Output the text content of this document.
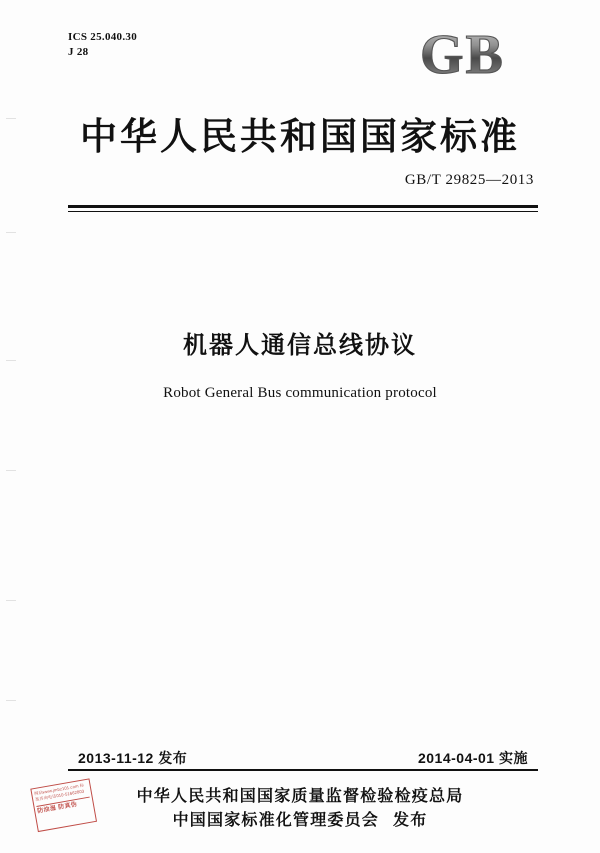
ICS 25.040.30
J 28	GB
中华人民共和国国家标准
GB/T 29825—2013
机器人通信总线协议
Robot General Bus communication protocol
2013-11-12 发布	2014-04-01 实施
中华人民共和国国家质量监督检验检疫总局
中国国家标准化管理委员会 发布
网站www.jmbz101.com 标准咨询电话010-51662803
防油湿 防真伪
